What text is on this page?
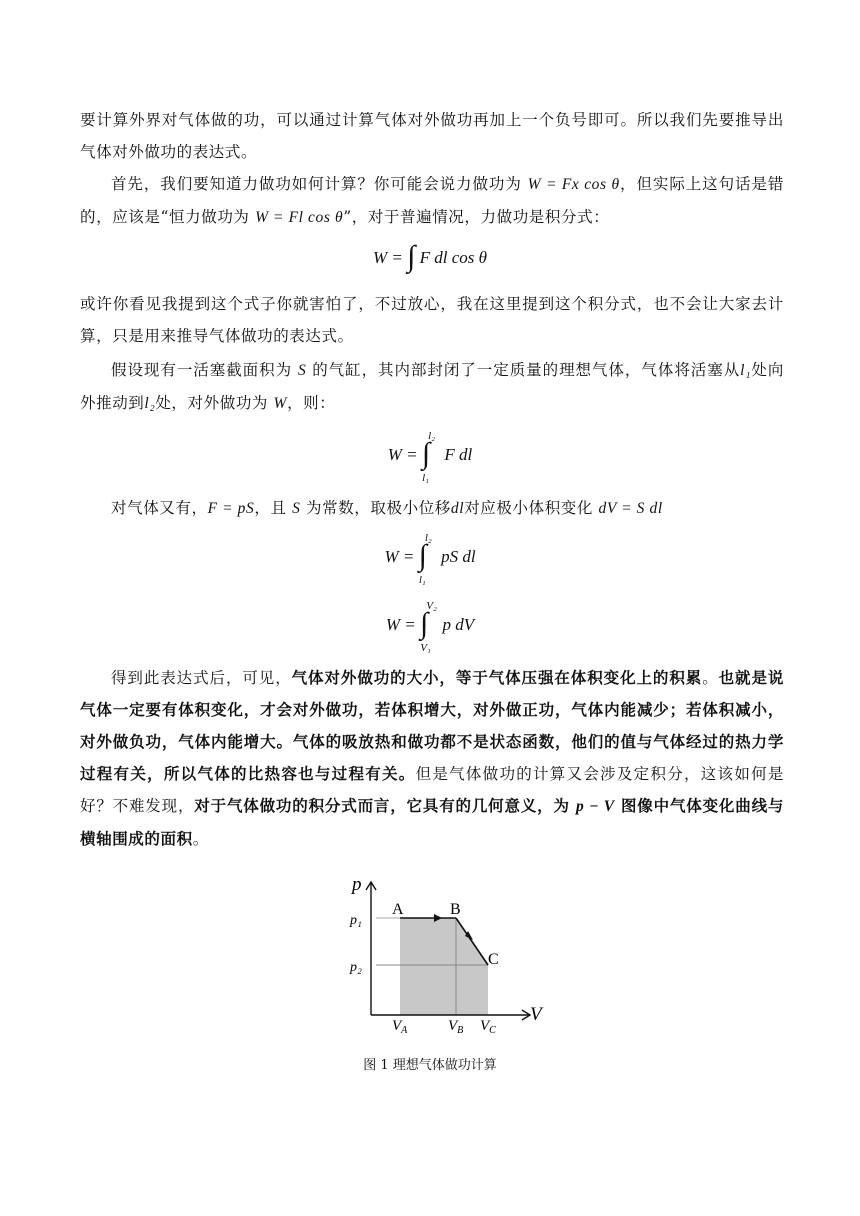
要计算外界对气体做的功，可以通过计算气体对外做功再加上一个负号即可。所以我们先要推导出气体对外做功的表达式。
首先，我们要知道力做功如何计算？你可能会说力做功为 W = Fx cos θ，但实际上这句话是错的，应该是“恒力做功为 W = Fl cos θ”，对于普遍情况，力做功是积分式：
W = ∫ F dl cos θ
或许你看见我提到这个式子你就害怕了，不过放心，我在这里提到这个积分式，也不会让大家去计算，只是用来推导气体做功的表达式。
假设现有一活塞截面积为 S 的气缸，其内部封闭了一定质量的理想气体，气体将活塞从l₁处向外推动到l₂处，对外做功为 W，则：
W = ∫
l₂
l₁
F dl
对气体又有，F = pS，且 S 为常数，取极小位移dl对应极小体积变化 dV = S dl
W = ∫
l₂
l₁
pS dl
W = ∫
V₂
V₁
p dV
得到此表达式后，可见，气体对外做功的大小，等于气体压强在体积变化上的积累。也就是说气体一定要有体积变化，才会对外做功，若体积增大，对外做正功，气体内能减少；若体积减小，对外做负功，气体内能增大。气体的吸放热和做功都不是状态函数，他们的值与气体经过的热力学过程有关，所以气体的比热容也与过程有关。但是气体做功的计算又会涉及定积分，这该如何是好？不难发现，对于气体做功的积分式而言，它具有的几何意义，为 p − V 图像中气体变化曲线与横轴围成的面积。
p
V
p₁
p₂
A	B
C
$V_A$	$V_B$ $V_C$
图 1 理想气体做功计算
